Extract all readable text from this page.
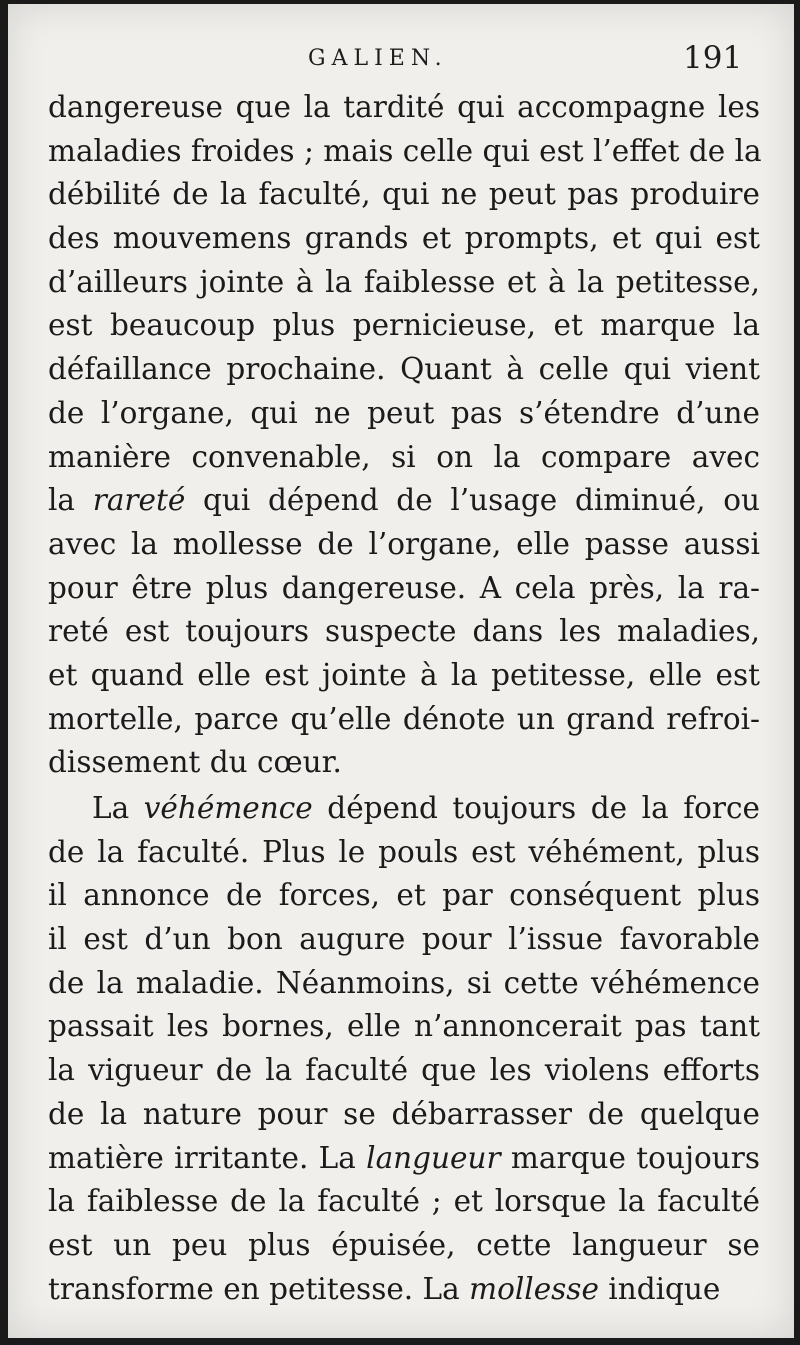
GALIEN.	191
dangereuse que la tardité qui accompagne les
maladies froides ; mais celle qui est l’effet de la
débilité de la faculté, qui ne peut pas produire
des mouvemens grands et prompts, et qui est
d’ailleurs jointe à la faiblesse et à la petitesse,
est beaucoup plus pernicieuse, et marque la
défaillance prochaine. Quant à celle qui vient
de l’organe, qui ne peut pas s’étendre d’une
manière convenable, si on la compare avec
la rareté qui dépend de l’usage diminué, ou
avec la mollesse de l’organe, elle passe aussi
pour être plus dangereuse. A cela près, la ra-
reté est toujours suspecte dans les maladies,
et quand elle est jointe à la petitesse, elle est
mortelle, parce qu’elle dénote un grand refroi-
dissement du cœur.
La véhémence dépend toujours de la force
de la faculté. Plus le pouls est véhément, plus
il annonce de forces, et par conséquent plus
il est d’un bon augure pour l’issue favorable
de la maladie. Néanmoins, si cette véhémence
passait les bornes, elle n’annoncerait pas tant
la vigueur de la faculté que les violens efforts
de la nature pour se débarrasser de quelque
matière irritante. La langueur marque toujours
la faiblesse de la faculté ; et lorsque la faculté
est un peu plus épuisée, cette langueur se
transforme en petitesse. La mollesse indique
